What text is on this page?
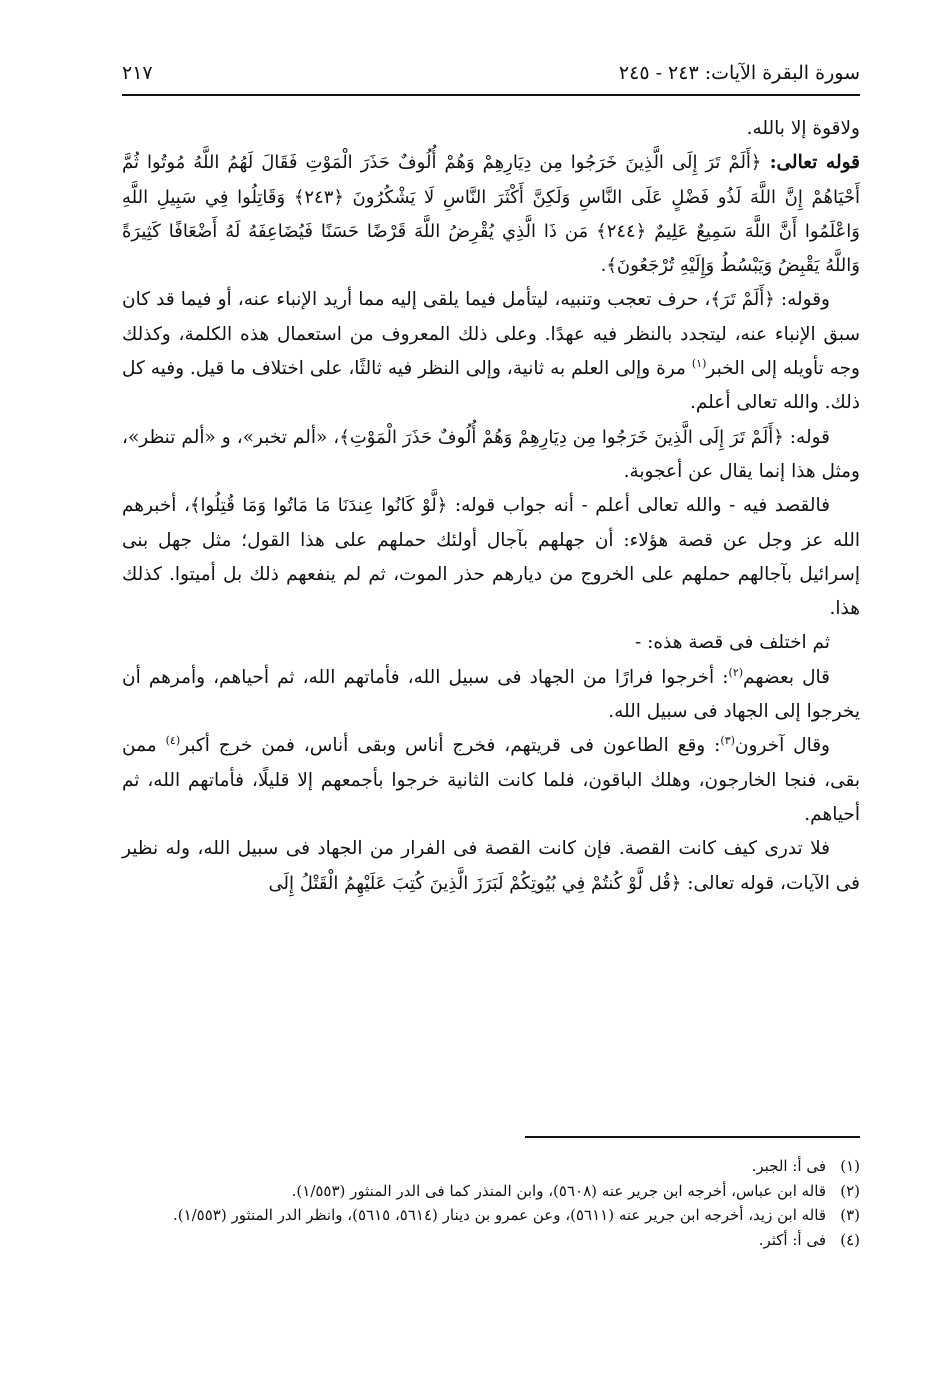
سورة البقرة الآيات: ٢٤٣ - ٢٤٥
٢١٧

ولاقوة إلا بالله.

قوله تعالى: ﴿أَلَمْ تَرَ إِلَى الَّذِينَ خَرَجُوا مِن دِيَارِهِمْ وَهُمْ أُلُوفٌ حَذَرَ الْمَوْتِ فَقَالَ لَهُمُ اللَّهُ مُوتُوا ثُمَّ أَحْيَاهُمْ إِنَّ اللَّهَ لَذُو فَضْلٍ عَلَى النَّاسِ وَلَكِنَّ أَكْثَرَ النَّاسِ لَا يَشْكُرُونَ ﴿٢٤٣﴾ وَقَاتِلُوا فِي سَبِيلِ اللَّهِ وَاعْلَمُوا أَنَّ اللَّهَ سَمِيعٌ عَلِيمٌ ﴿٢٤٤﴾ مَن ذَا الَّذِي يُقْرِضُ اللَّهَ قَرْضًا حَسَنًا فَيُضَاعِفَهُ لَهُ أَضْعَافًا كَثِيرَةً وَاللَّهُ يَقْبِضُ وَيَبْسُطُ وَإِلَيْهِ تُرْجَعُونَ﴾.

وقوله: ﴿أَلَمْ تَرَ﴾، حرف تعجب وتنبيه، ليتأمل فيما يلقى إليه مما أريد الإنباء عنه، أو فيما قد كان سبق الإنباء عنه، ليتجدد بالنظر فيه عهدًا. وعلى ذلك المعروف من استعمال هذه الكلمة، وكذلك وجه تأويله إلى الخبر$^{(١)}$ مرة وإلى العلم به ثانية، وإلى النظر فيه ثالثًا، على اختلاف ما قيل. وفيه كل ذلك. والله تعالى أعلم.

قوله: ﴿أَلَمْ تَرَ إِلَى الَّذِينَ خَرَجُوا مِن دِيَارِهِمْ وَهُمْ أُلُوفٌ حَذَرَ الْمَوْتِ﴾، «ألم تخبر»، و «ألم تنظر»، ومثل هذا إنما يقال عن أعجوبة.

فالقصد فيه - والله تعالى أعلم - أنه جواب قوله: ﴿لَّوْ كَانُوا عِندَنَا مَا مَاتُوا وَمَا قُتِلُوا﴾، أخبرهم الله عز وجل عن قصة هؤلاء: أن جهلهم بآجال أولئك حملهم على هذا القول؛ مثل جهل بنى إسرائيل بآجالهم حملهم على الخروج من ديارهم حذر الموت، ثم لم ينفعهم ذلك بل أميتوا. كذلك هذا.

ثم اختلف فى قصة هذه: -

قال بعضهم$^{(٢)}$: أخرجوا فرارًا من الجهاد فى سبيل الله، فأماتهم الله، ثم أحياهم، وأمرهم أن يخرجوا إلى الجهاد فى سبيل الله.

وقال آخرون$^{(٣)}$: وقع الطاعون فى قريتهم، فخرج أناس وبقى أناس، فمن خرج أكبر$^{(٤)}$ ممن بقى، فنجا الخارجون، وهلك الباقون، فلما كانت الثانية خرجوا بأجمعهم إلا قليلًا، فأماتهم الله، ثم أحياهم.

فلا تدرى كيف كانت القصة. فإن كانت القصة فى الفرار من الجهاد فى سبيل الله، وله نظير فى الآيات، قوله تعالى: ﴿قُل لَّوْ كُنتُمْ فِي بُيُوتِكُمْ لَبَرَزَ الَّذِينَ كُتِبَ عَلَيْهِمُ الْقَتْلُ إِلَى

(١)
فى أ: الجبر.

(٢)
قاله ابن عباس، أخرجه ابن جرير عنه (٥٦٠٨)، وابن المنذر كما فى الدر المنثور (١/٥٥٣).

(٣)
قاله ابن زيد، أخرجه ابن جرير عنه (٥٦١١)، وعن عمرو بن دينار (٥٦١٤، ٥٦١٥)، وانظر الدر المنثور (١/٥٥٣).

(٤)
فى أ: أكثر.
